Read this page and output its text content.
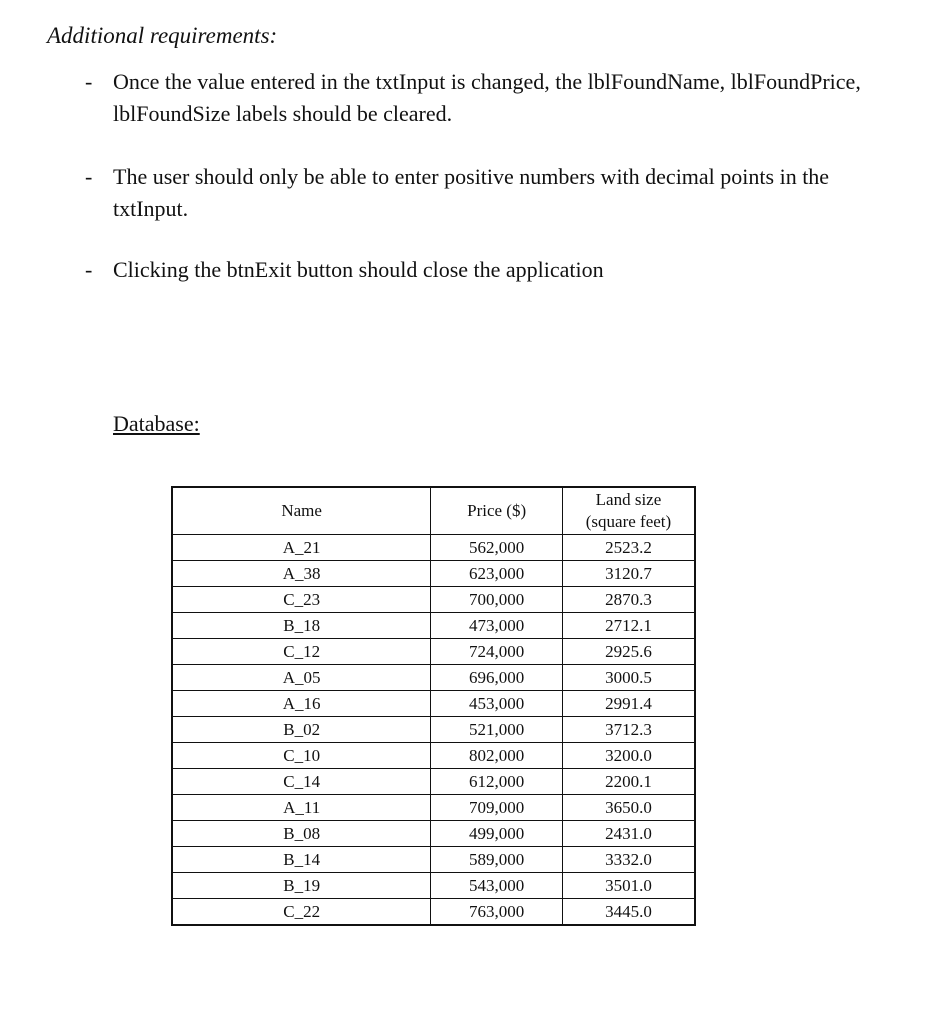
Additional requirements:
- Once the value entered in the txtInput is changed, the lblFoundName, lblFoundPrice, lblFoundSize labels should be cleared.
- The user should only be able to enter positive numbers with decimal points in the txtInput.
- Clicking the btnExit button should close the application
Database:
Name	Price ($)	Land size
(square feet)
A_21	562,000	2523.2
A_38	623,000	3120.7
C_23	700,000	2870.3
B_18	473,000	2712.1
C_12	724,000	2925.6
A_05	696,000	3000.5
A_16	453,000	2991.4
B_02	521,000	3712.3
C_10	802,000	3200.0
C_14	612,000	2200.1
A_11	709,000	3650.0
B_08	499,000	2431.0
B_14	589,000	3332.0
B_19	543,000	3501.0
C_22	763,000	3445.0
